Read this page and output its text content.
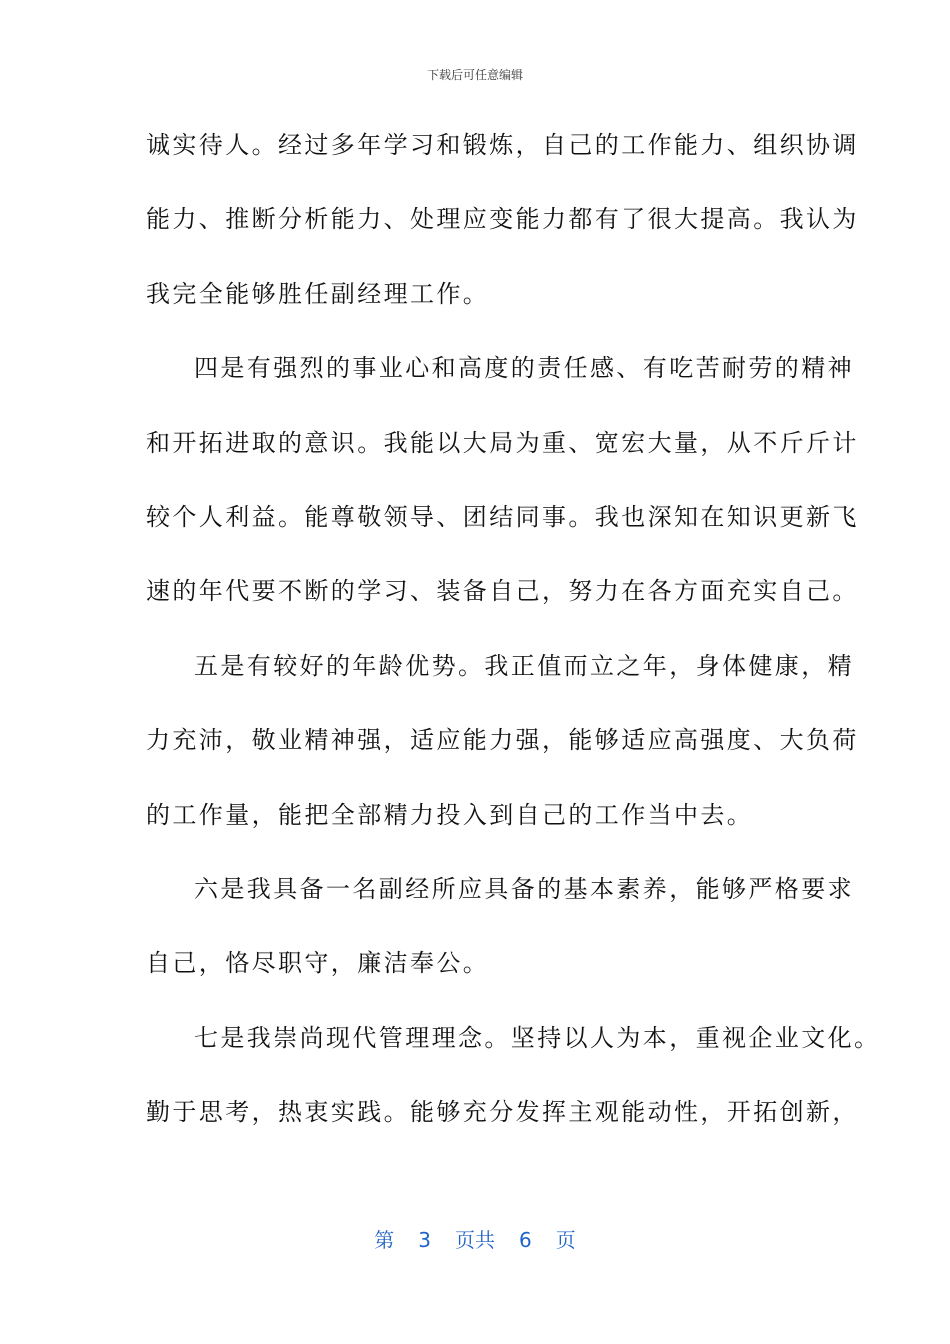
下载后可任意编辑
诚实待人。经过多年学习和锻炼，自己的工作能力、组织协调
能力、推断分析能力、处理应变能力都有了很大提高。我认为
我完全能够胜任副经理工作。
四是有强烈的事业心和高度的责任感、有吃苦耐劳的精神
和开拓进取的意识。我能以大局为重、宽宏大量，从不斤斤计
较个人利益。能尊敬领导、团结同事。我也深知在知识更新飞
速的年代要不断的学习、装备自己，努力在各方面充实自己。
五是有较好的年龄优势。我正值而立之年，身体健康，精
力充沛，敬业精神强，适应能力强，能够适应高强度、大负荷
的工作量，能把全部精力投入到自己的工作当中去。
六是我具备一名副经所应具备的基本素养，能够严格要求
自己，恪尽职守，廉洁奉公。
七是我崇尚现代管理理念。坚持以人为本，重视企业文化。
勤于思考，热衷实践。能够充分发挥主观能动性，开拓创新，
第 3 页共 6 页
